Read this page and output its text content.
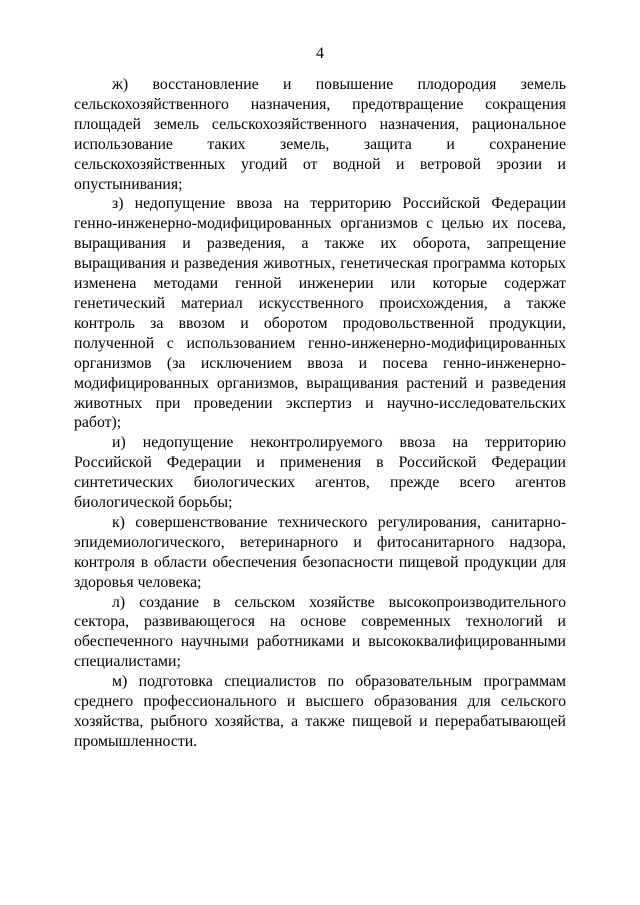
4

ж) восстановление и повышение плодородия земель сельскохозяйственного назначения, предотвращение сокращения площадей земель сельскохозяйственного назначения, рациональное использование таких земель, защита и сохранение сельскохозяйственных угодий от водной и ветровой эрозии и опустынивания;

з) недопущение ввоза на территорию Российской Федерации генно-инженерно-модифицированных организмов с целью их посева, выращивания и разведения, а также их оборота, запрещение выращивания и разведения животных, генетическая программа которых изменена методами генной инженерии или которые содержат генетический материал искусственного происхождения, а также контроль за ввозом и оборотом продовольственной продукции, полученной с использованием генно-инженерно-модифицированных организмов (за исключением ввоза и посева генно-инженерно-модифицированных организмов, выращивания растений и разведения животных при проведении экспертиз и научно-исследовательских работ);

и) недопущение неконтролируемого ввоза на территорию Российской Федерации и применения в Российской Федерации синтетических биологических агентов, прежде всего агентов биологической борьбы;

к) совершенствование технического регулирования, санитарно-эпидемиологического, ветеринарного и фитосанитарного надзора, контроля в области обеспечения безопасности пищевой продукции для здоровья человека;

л) создание в сельском хозяйстве высокопроизводительного сектора, развивающегося на основе современных технологий и обеспеченного научными работниками и высококвалифицированными специалистами;

м) подготовка специалистов по образовательным программам среднего профессионального и высшего образования для сельского хозяйства, рыбного хозяйства, а также пищевой и перерабатывающей промышленности.
